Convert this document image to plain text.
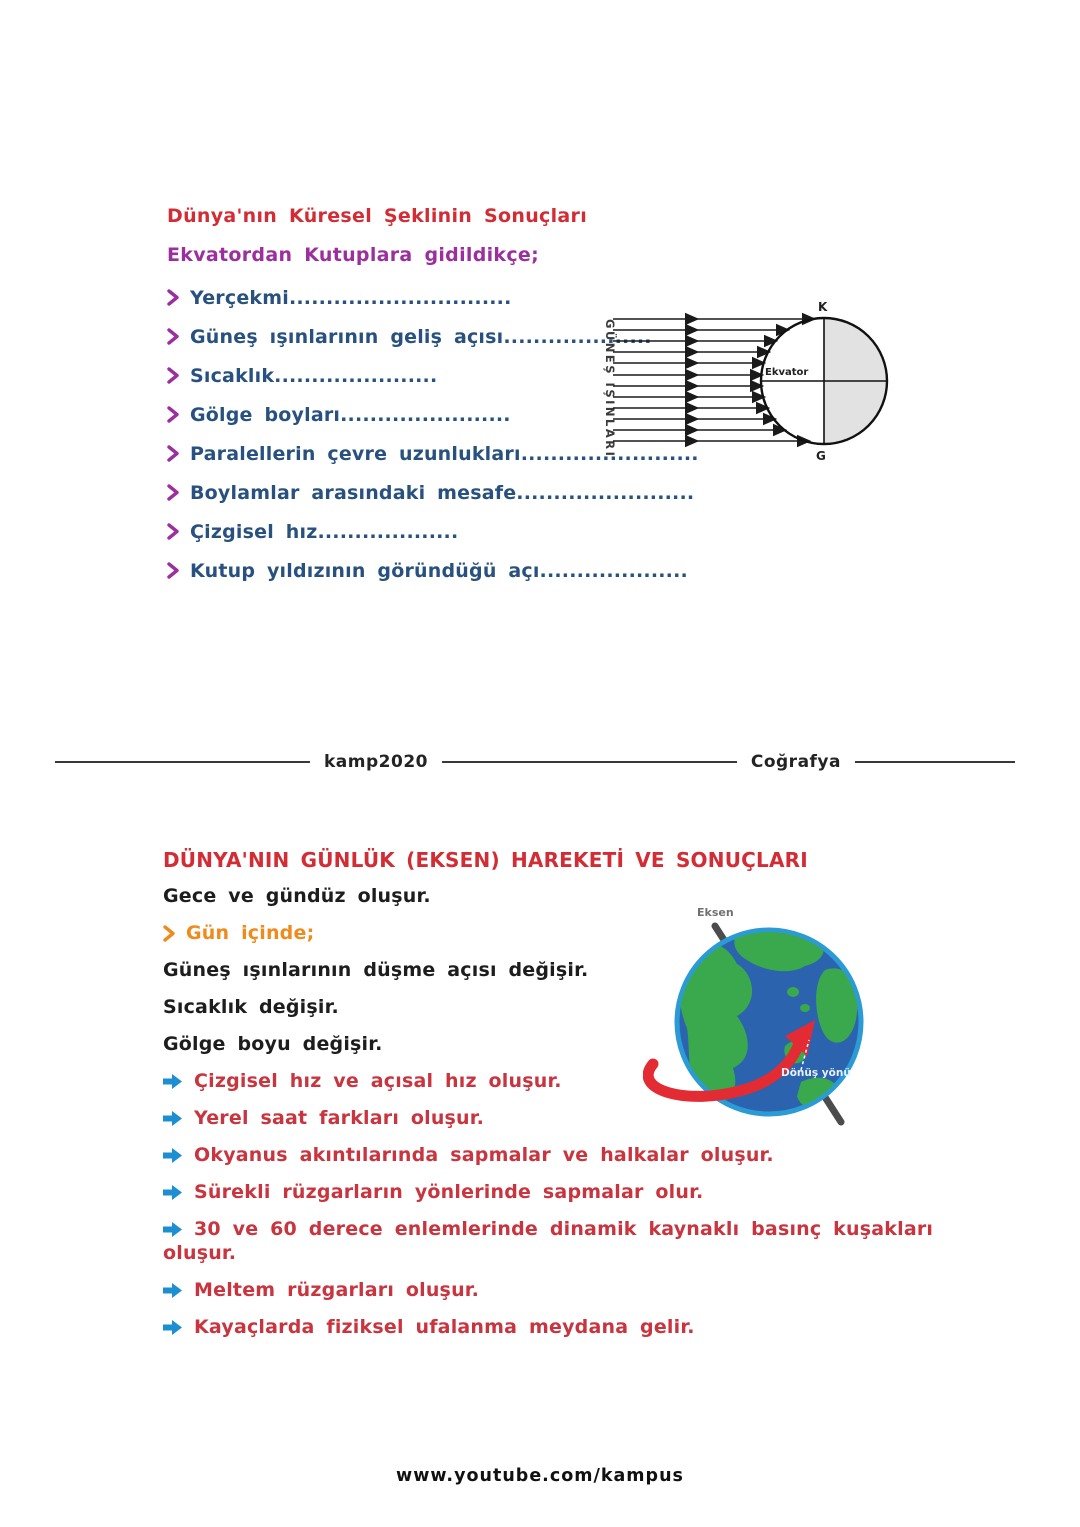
Dünya'nın Küresel Şeklinin Sonuçları
Ekvatordan Kutuplara gidildikçe;
Yerçekmi..............................
Güneş ışınlarının geliş açısı....................
Sıcaklık......................
Gölge boyları.......................
Paralellerin çevre uzunlukları........................
Boylamlar arasındaki mesafe........................
Çizgisel hız...................
Kutup yıldızının göründüğü açı....................
GÜNEŞ IŞINLARI
K
G
Ekvator
kamp2020	Coğrafya
DÜNYA'NIN GÜNLÜK (EKSEN) HAREKETİ VE SONUÇLARI

Gece ve gündüz oluşur.

Gün içinde;

Güneş ışınlarının düşme açısı değişir.

Sıcaklık değişir.

Gölge boyu değişir.

Çizgisel hız ve açısal hız oluşur.

Yerel saat farkları oluşur.

Okyanus akıntılarında sapmalar ve halkalar oluşur.

Sürekli rüzgarların yönlerinde sapmalar olur.

30 ve 60 derece enlemlerinde dinamik kaynaklı basınç kuşakları oluşur.

Meltem rüzgarları oluşur.

Kayaçlarda fiziksel ufalanma meydana gelir.

Eksen
Dönüş yönü
www.youtube.com/kampus
